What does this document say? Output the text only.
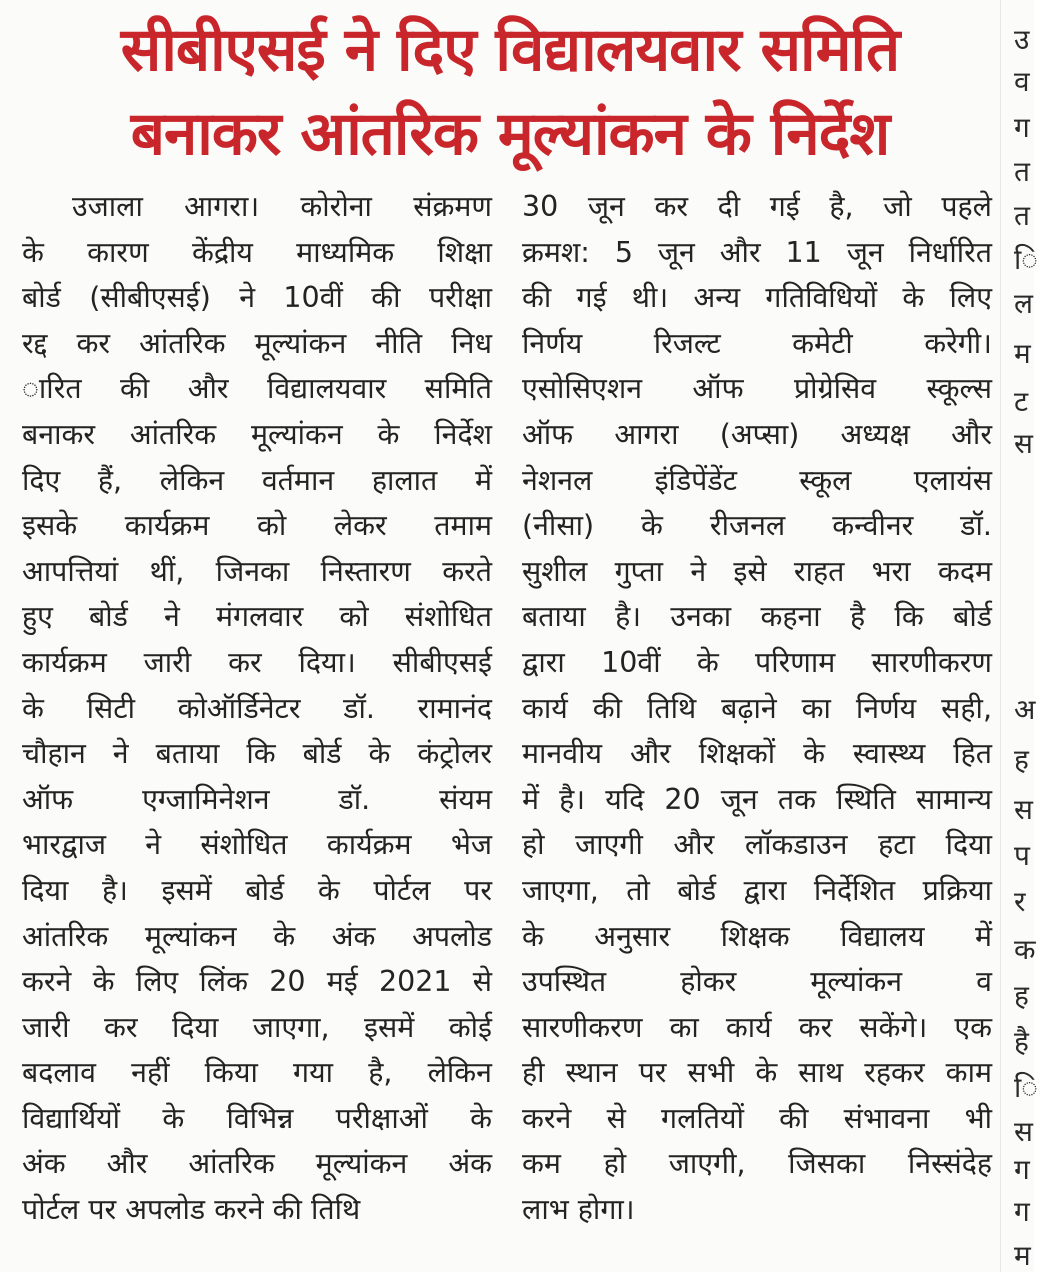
सीबीएसई ने दिए विद्यालयवार समिति
बनाकर आंतरिक मूल्यांकन के निर्देश
उजाला आगरा। कोरोना संक्रमण
के कारण केंद्रीय माध्यमिक शिक्षा
बोर्ड (सीबीएसई) ने 10वीं की परीक्षा
रद्द कर आंतरिक मूल्यांकन नीति निध
ारित की और विद्यालयवार समिति
बनाकर आंतरिक मूल्यांकन के निर्देश
दिए हैं, लेकिन वर्तमान हालात में
इसके कार्यक्रम को लेकर तमाम
आपत्तियां थीं, जिनका निस्तारण करते
हुए बोर्ड ने मंगलवार को संशोधित
कार्यक्रम जारी कर दिया। सीबीएसई
के सिटी कोऑर्डिनेटर डॉ. रामानंद
चौहान ने बताया कि बोर्ड के कंट्रोलर
ऑफ एग्जामिनेशन डॉ. संयम
भारद्वाज ने संशोधित कार्यक्रम भेज
दिया है। इसमें बोर्ड के पोर्टल पर
आंतरिक मूल्यांकन के अंक अपलोड
करने के लिए लिंक 20 मई 2021 से
जारी कर दिया जाएगा, इसमें कोई
बदलाव नहीं किया गया है, लेकिन
विद्यार्थियों के विभिन्न परीक्षाओं के
अंक और आंतरिक मूल्यांकन अंक
पोर्टल पर अपलोड करने की तिथि
30 जून कर दी गई है, जो पहले
क्रमश: 5 जून और 11 जून निर्धारित
की गई थी। अन्य गतिविधियों के लिए
निर्णय रिजल्ट कमेटी करेगी।
एसोसिएशन ऑफ प्रोग्रेसिव स्कूल्स
ऑफ आगरा (अप्सा) अध्यक्ष और
नेशनल इंडिपेंडेंट स्कूल एलायंस
(नीसा) के रीजनल कन्वीनर डॉ.
सुशील गुप्ता ने इसे राहत भरा कदम
बताया है। उनका कहना है कि बोर्ड
द्वारा 10वीं के परिणाम सारणीकरण
कार्य की तिथि बढ़ाने का निर्णय सही,
मानवीय और शिक्षकों के स्वास्थ्य हित
में है। यदि 20 जून तक स्थिति सामान्य
हो जाएगी और लॉकडाउन हटा दिया
जाएगा, तो बोर्ड द्वारा निर्देशित प्रक्रिया
के अनुसार शिक्षक विद्यालय में
उपस्थित होकर मूल्यांकन व
सारणीकरण का कार्य कर सकेंगे। एक
ही स्थान पर सभी के साथ रहकर काम
करने से गलतियों की संभावना भी
कम हो जाएगी, जिसका निस्संदेह
लाभ होगा।
उ
व
ग
त
त
ि
ल
म
ट
स
अ
ह
स
प
र
क
ह
है
ि
स
ग
ग
म
